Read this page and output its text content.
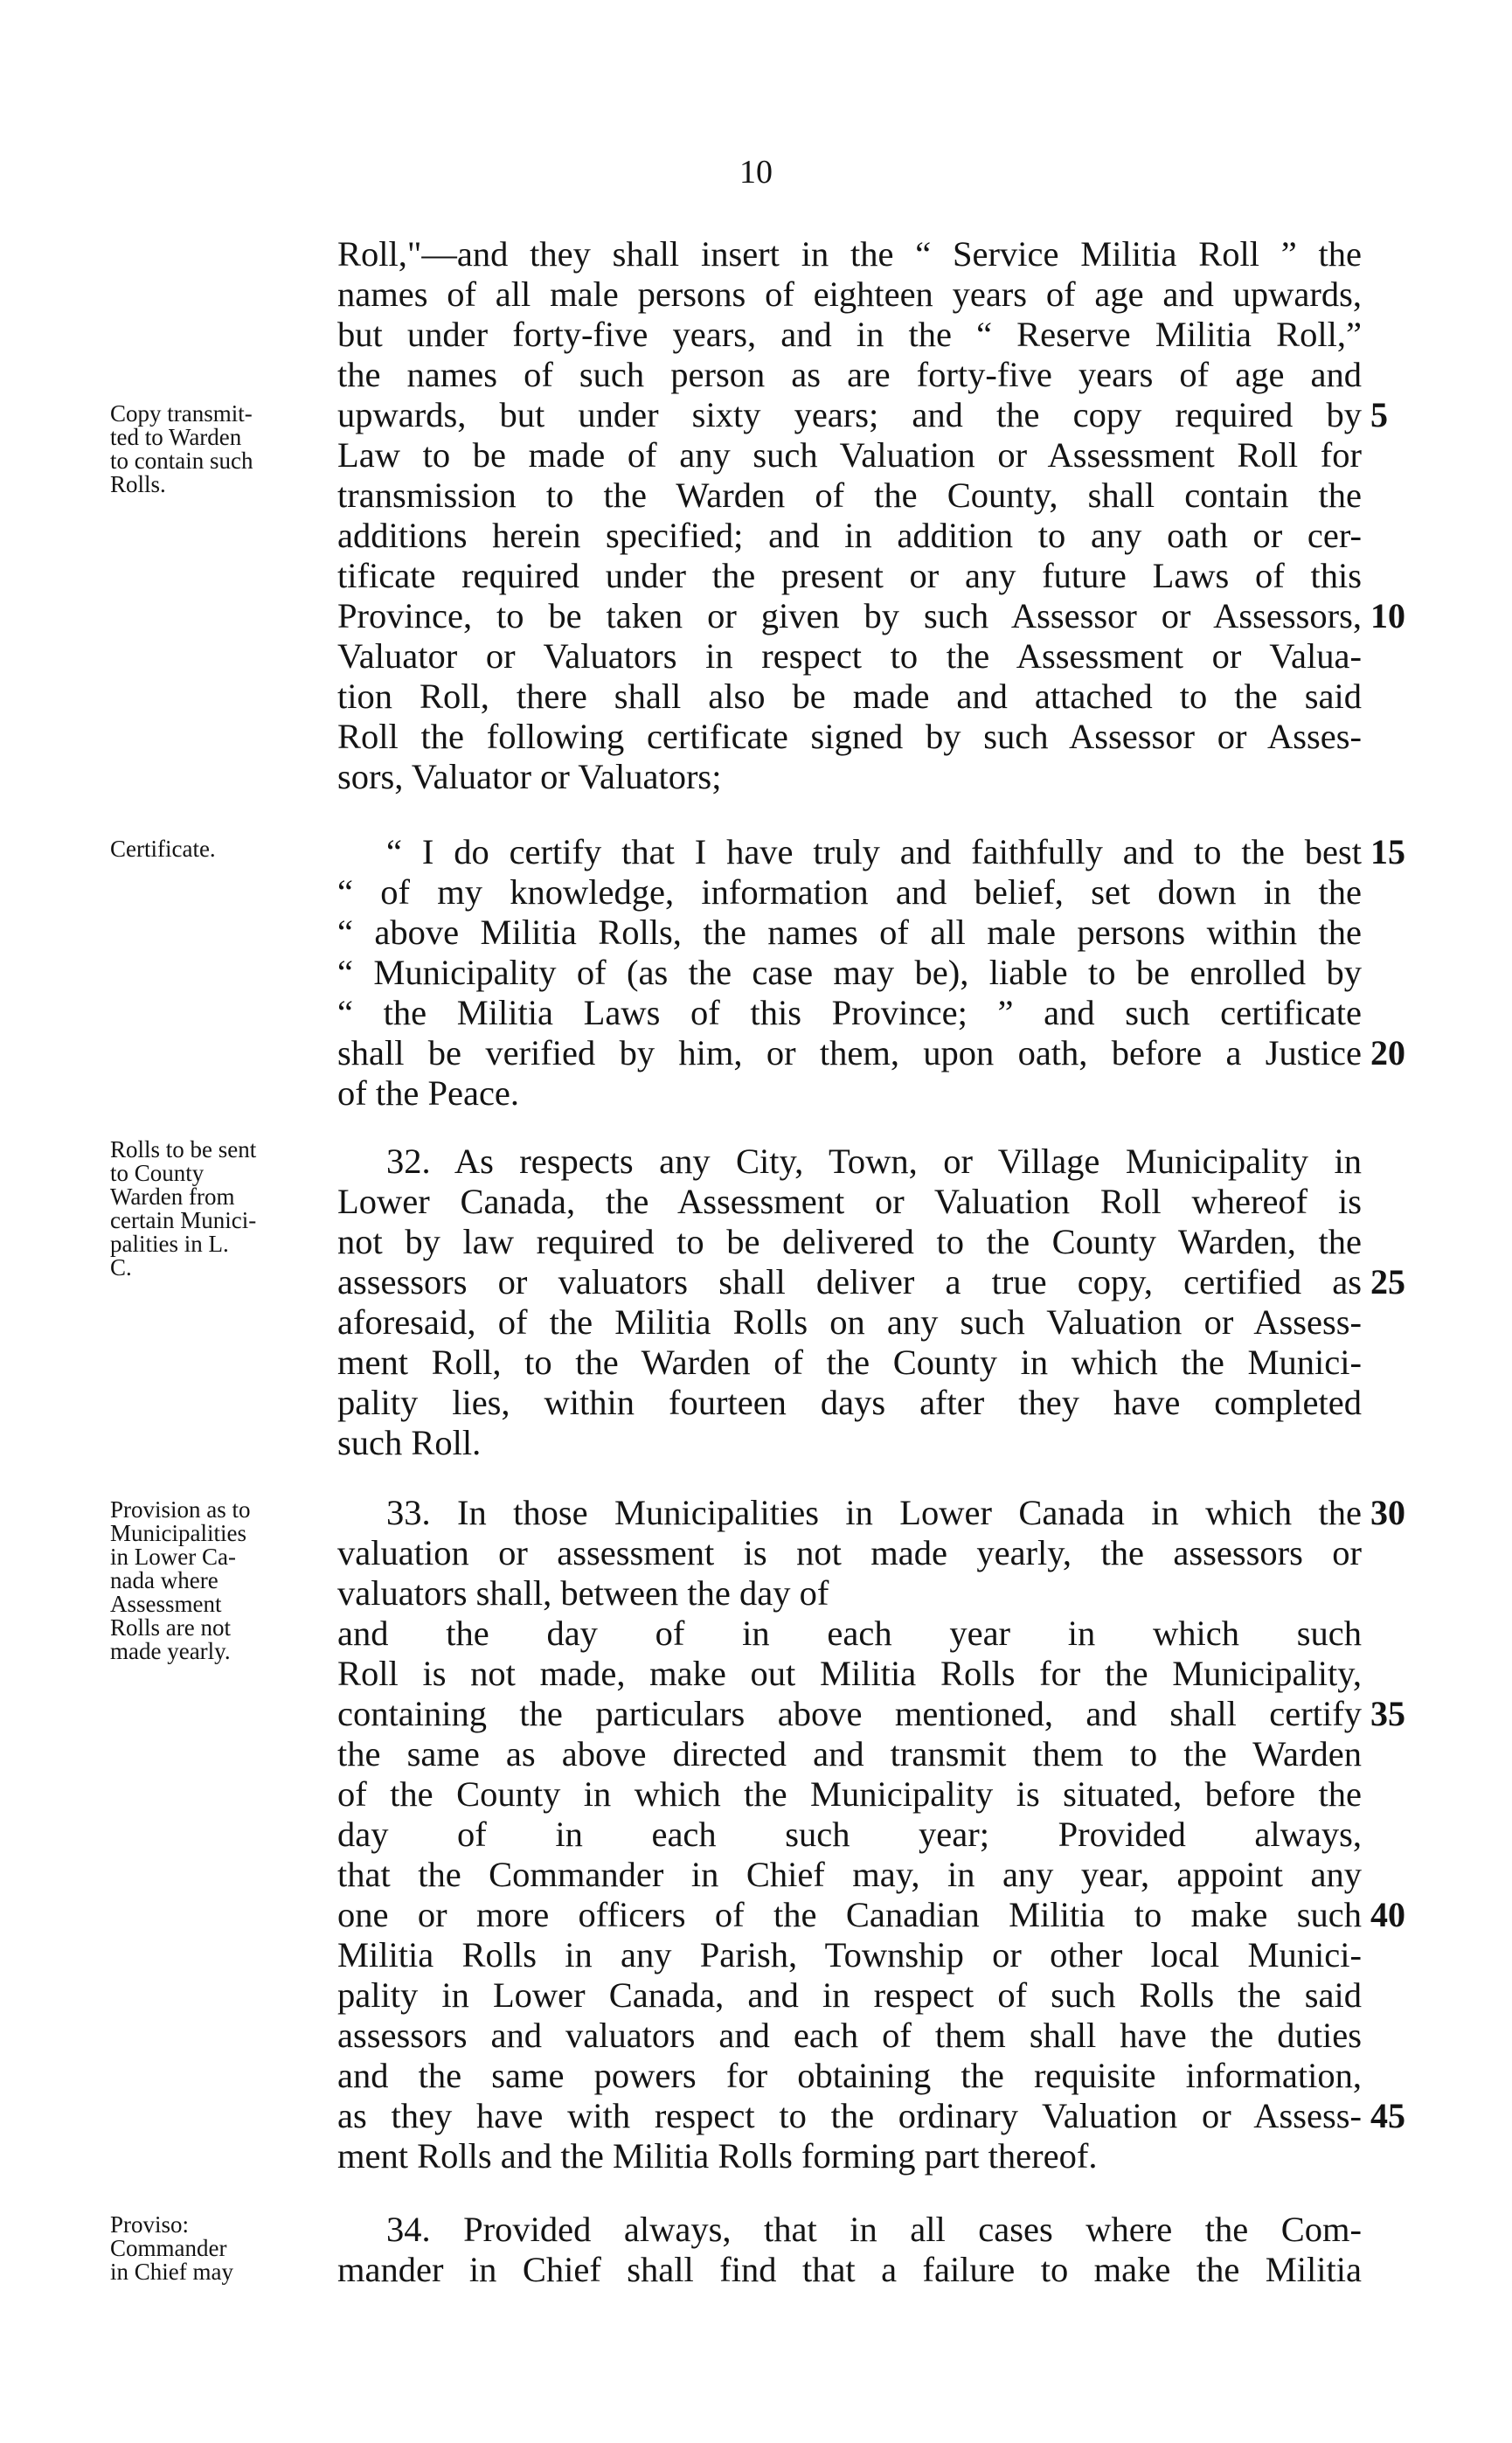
10
Roll,"—and they shall insert in the “ Service Militia Roll ” the
names of all male persons of eighteen years of age and upwards,
but under forty-five years, and in the “ Reserve Militia Roll,”
the names of such person as are forty-five years of age and
upwards, but under sixty years; and the copy required by
Law to be made of any such Valuation or Assessment Roll for
transmission to the Warden of the County, shall contain the
additions herein specified; and in addition to any oath or cer-
tificate required under the present or any future Laws of this
Province, to be taken or given by such Assessor or Assessors,
Valuator or Valuators in respect to the Assessment or Valua-
tion Roll, there shall also be made and attached to the said
Roll the following certificate signed by such Assessor or Asses-
sors, Valuator or Valuators;
“ I do certify that I have truly and faithfully and to the best
“ of my knowledge, information and belief, set down in the
“ above Militia Rolls, the names of all male persons within the
“ Municipality of (as the case may be), liable to be enrolled by
“ the Militia Laws of this Province; ” and such certificate
shall be verified by him, or them, upon oath, before a Justice
of the Peace.
32. As respects any City, Town, or Village Municipality in
Lower Canada, the Assessment or Valuation Roll whereof is
not by law required to be delivered to the County Warden, the
assessors or valuators shall deliver a true copy, certified as
aforesaid, of the Militia Rolls on any such Valuation or Assess-
ment Roll, to the Warden of the County in which the Munici-
pality lies, within fourteen days after they have completed
such Roll.
33. In those Municipalities in Lower Canada in which the
valuation or assessment is not made yearly, the assessors or
valuators shall, between the day of
and the day of in each year in which such
Roll is not made, make out Militia Rolls for the Municipality,
containing the particulars above mentioned, and shall certify
the same as above directed and transmit them to the Warden
of the County in which the Municipality is situated, before the
day of in each such year; Provided always,
that the Commander in Chief may, in any year, appoint any
one or more officers of the Canadian Militia to make such
Militia Rolls in any Parish, Township or other local Munici-
pality in Lower Canada, and in respect of such Rolls the said
assessors and valuators and each of them shall have the duties
and the same powers for obtaining the requisite information,
as they have with respect to the ordinary Valuation or Assess-
ment Rolls and the Militia Rolls forming part thereof.
34. Provided always, that in all cases where the Com-
mander in Chief shall find that a failure to make the Militia
5
10
15
20
25
30
35
40
45
Copy transmit-
ted to Warden
to contain such
Rolls.
Certificate.
Rolls to be sent
to County
Warden from
certain Munici-
palities in L.
C.
Provision as to
Municipalities
in Lower Ca-
nada where
Assessment
Rolls are not
made yearly.
Proviso:
Commander
in Chief may
